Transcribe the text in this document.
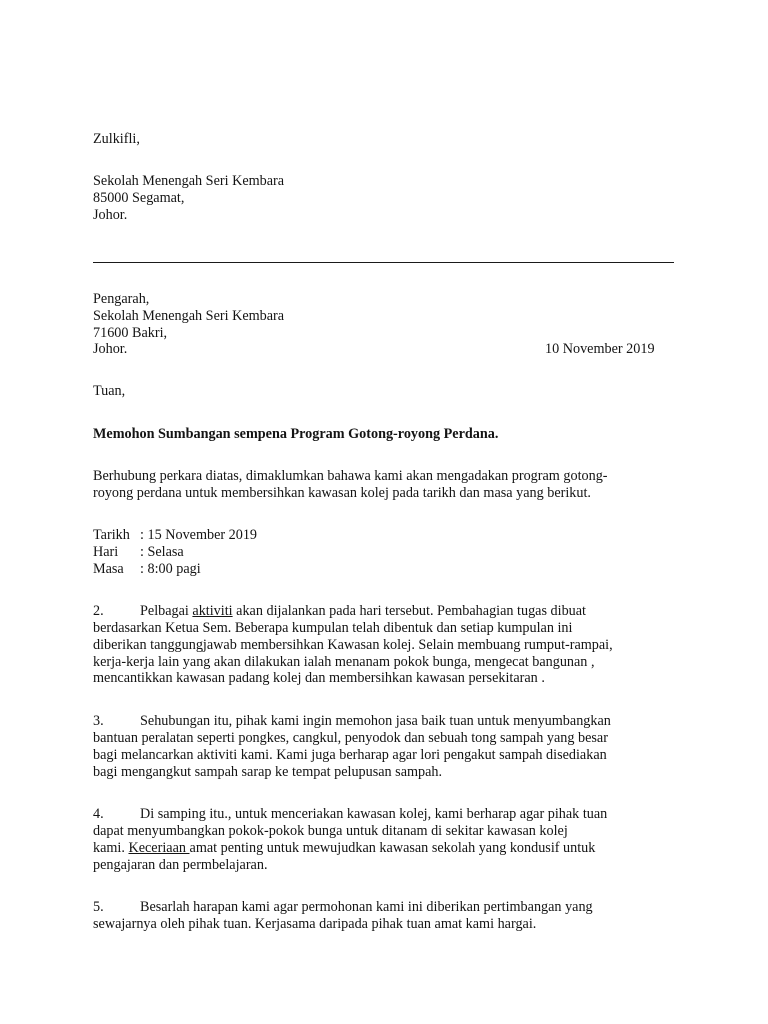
Zulkifli,
Sekolah Menengah Seri Kembara
85000 Segamat,
Johor.
Pengarah,
Sekolah Menengah Seri Kembara
71600 Bakri,
Johor.	10 November 2019
Tuan,
Memohon Sumbangan sempena Program Gotong-royong Perdana.
Berhubung perkara diatas, dimaklumkan bahawa kami akan mengadakan program gotong-
royong perdana untuk membersihkan kawasan kolej pada tarikh dan masa yang berikut.
Tarikh : 15 November 2019
Hari : Selasa
Masa : 8:00 pagi
2.	Pelbagai aktiviti akan dijalankan pada hari tersebut. Pembahagian tugas dibuat
berdasarkan Ketua Sem. Beberapa kumpulan telah dibentuk dan setiap kumpulan ini
diberikan tanggungjawab membersihkan Kawasan kolej. Selain membuang rumput-rampai,
kerja-kerja lain yang akan dilakukan ialah menanam pokok bunga, mengecat bangunan ,
mencantikkan kawasan padang kolej dan membersihkan kawasan persekitaran .
3.	Sehubungan itu, pihak kami ingin memohon jasa baik tuan untuk menyumbangkan
bantuan peralatan seperti pongkes, cangkul, penyodok dan sebuah tong sampah yang besar
bagi melancarkan aktiviti kami. Kami juga berharap agar lori pengakut sampah disediakan
bagi mengangkut sampah sarap ke tempat pelupusan sampah.
4.	Di samping itu., untuk menceriakan kawasan kolej, kami berharap agar pihak tuan
dapat menyumbangkan pokok-pokok bunga untuk ditanam di sekitar kawasan kolej
kami. Keceriaan amat penting untuk mewujudkan kawasan sekolah yang kondusif untuk
pengajaran dan permbelajaran.
5.	Besarlah harapan kami agar permohonan kami ini diberikan pertimbangan yang
sewajarnya oleh pihak tuan. Kerjasama daripada pihak tuan amat kami hargai.
